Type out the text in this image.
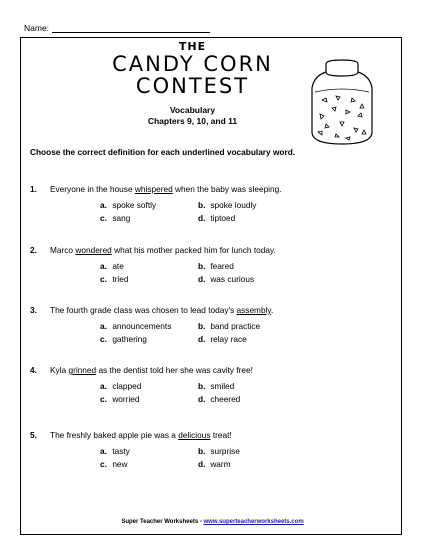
Name:
THE
CANDY CORN
CONTEST
Vocabulary
Chapters 9, 10, and 11
Choose the correct definition for each underlined vocabulary word.
1. Everyone in the house whispered when the baby was sleeping.
a. spoke softly	b. spoke loudly
c. sang	d. tiptoed
2. Marco wondered what his mother packed him for lunch today.
a. ate	b. feared
c. tried	d. was curious
3. The fourth grade class was chosen to lead today's assembly.
a. announcements	b. band practice
c. gathering	d. relay race
4. Kyla grinned as the dentist told her she was cavity free!
a. clapped	b. smiled
c. worried	d. cheered
5. The freshly baked apple pie was a delicious treat!
a. tasty	b. surprise
c. new	d. warm
Super Teacher Worksheets - www.superteacherworksheets.com
